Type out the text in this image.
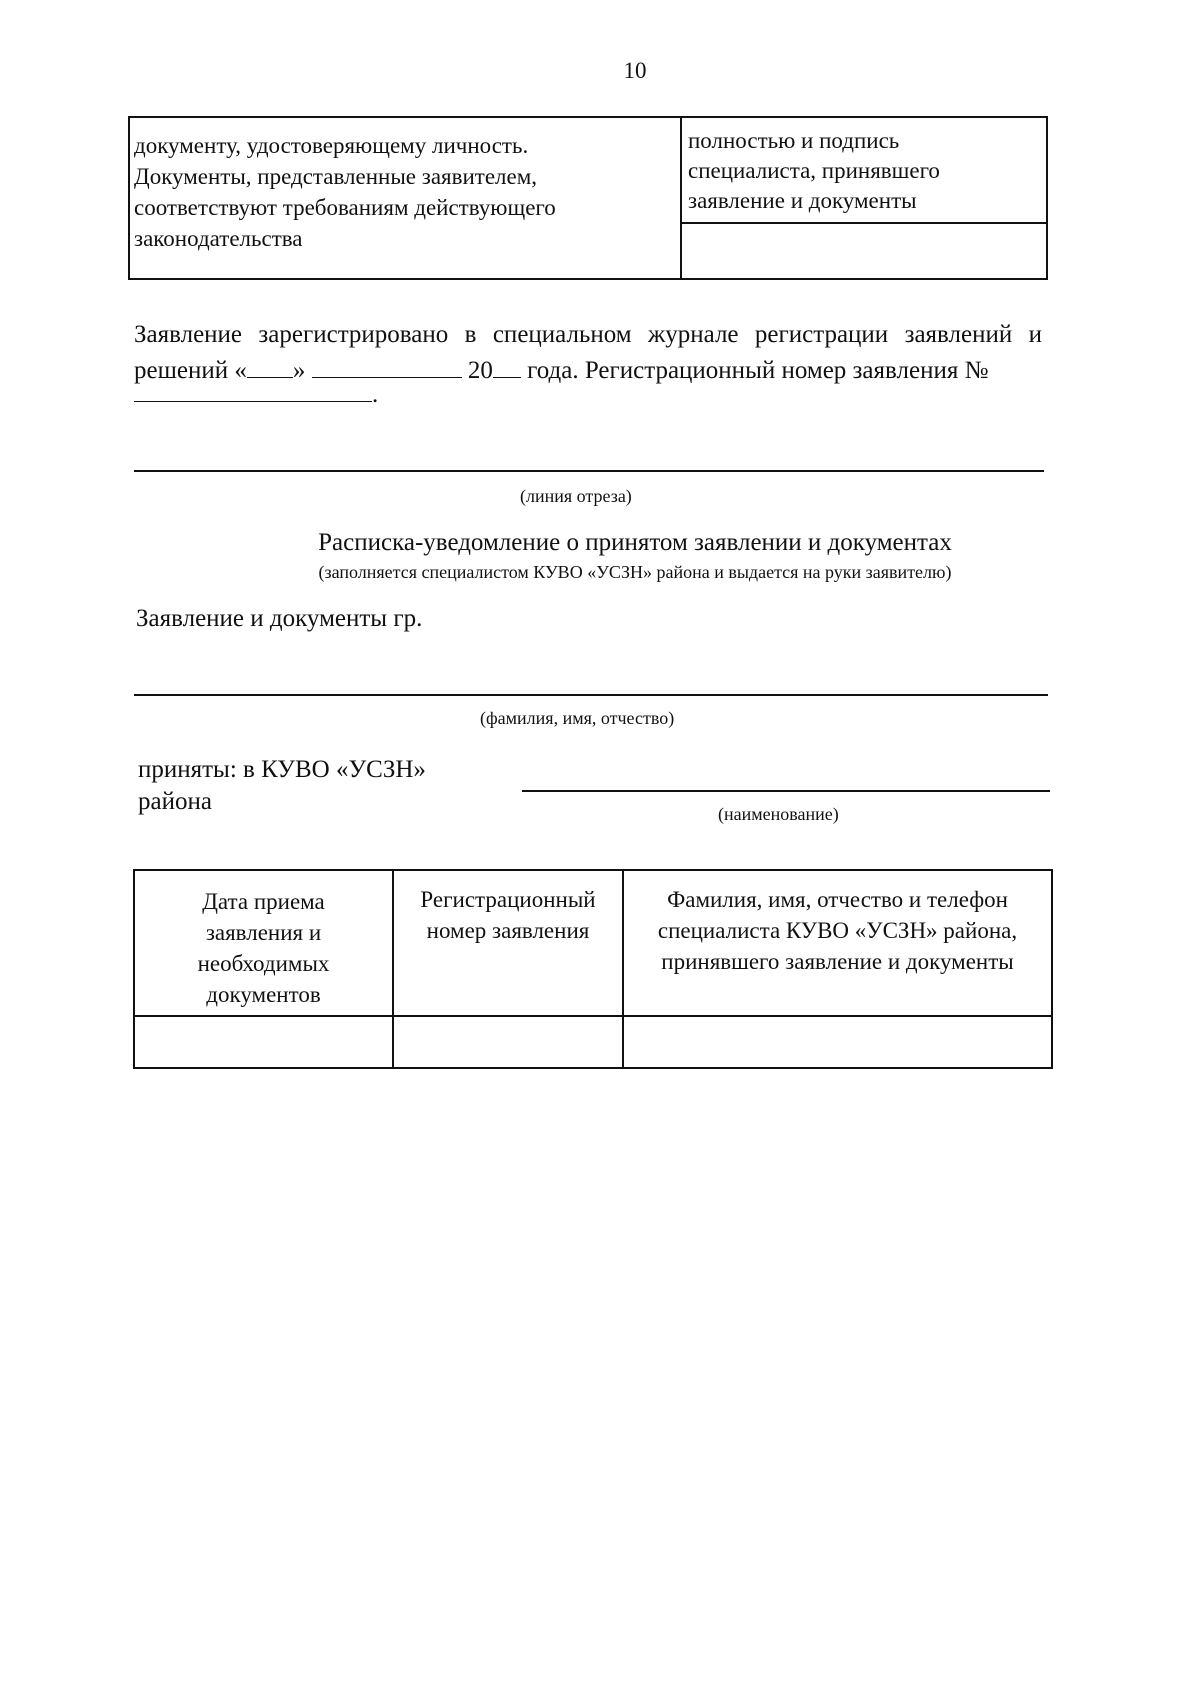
10
документу, удостоверяющему личность.
Документы, представленные заявителем,
соответствуют требованиям действующего
законодательства
полностью и подпись
специалиста, принявшего
заявление и документы
Заявление зарегистрировано в специальном журнале регистрации заявлений и решений « »	20 года. Регистрационный номер заявления №
.
(линия отреза)
Расписка-уведомление о принятом заявлении и документах
(заполняется специалистом КУВО «УСЗН» района и выдается на руки заявителю)
Заявление и документы гр.
(фамилия, имя, отчество)
приняты: в КУВО «УСЗН»
района	(наименование)
Дата приема
заявления и
необходимых
документов
Регистрационный
номер заявления
Фамилия, имя, отчество и телефон
специалиста КУВО «УСЗН» района,
принявшего заявление и документы
